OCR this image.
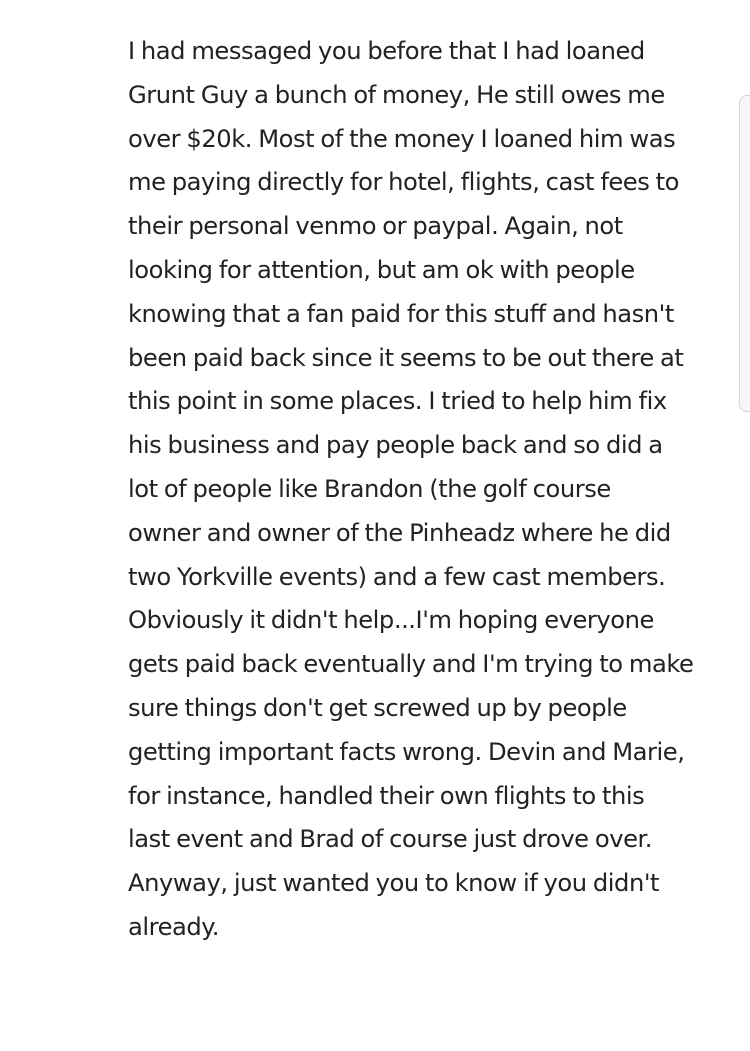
I had messaged you before that I had loaned
Grunt Guy a bunch of money, He still owes me
over $20k. Most of the money I loaned him was
me paying directly for hotel, flights, cast fees to
their personal venmo or paypal. Again, not
looking for attention, but am ok with people
knowing that a fan paid for this stuff and hasn't
been paid back since it seems to be out there at
this point in some places. I tried to help him fix
his business and pay people back and so did a
lot of people like Brandon (the golf course
owner and owner of the Pinheadz where he did
two Yorkville events) and a few cast members.
Obviously it didn't help...I'm hoping everyone
gets paid back eventually and I'm trying to make
sure things don't get screwed up by people
getting important facts wrong. Devin and Marie,
for instance, handled their own flights to this
last event and Brad of course just drove over.
Anyway, just wanted you to know if you didn't
already.
